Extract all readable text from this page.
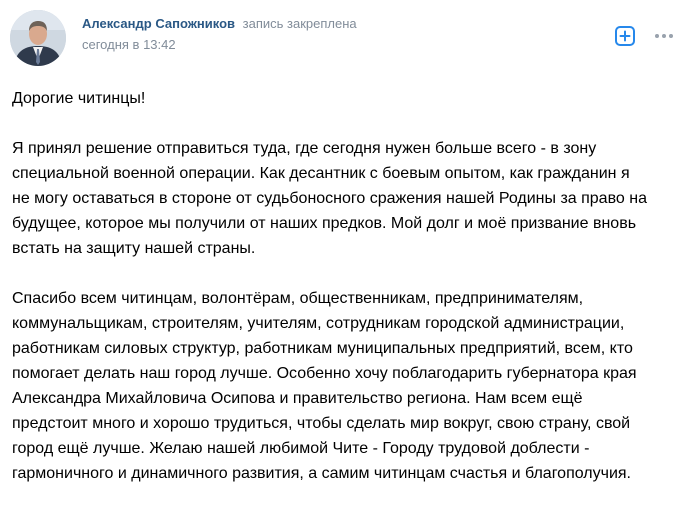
Александр Сапожников запись закреплена
сегодня в 13:42

Дорогие читинцы!

Я принял решение отправиться туда, где сегодня нужен больше всего - в зону
специальной военной операции. Как десантник с боевым опытом, как гражданин я
не могу оставаться в стороне от судьбоносного сражения нашей Родины за право на
будущее, которое мы получили от наших предков. Мой долг и моё призвание вновь
встать на защиту нашей страны.

Спасибо всем читинцам, волонтёрам, общественникам, предпринимателям,
коммунальщикам, строителям, учителям, сотрудникам городской администрации,
работникам силовых структур, работникам муниципальных предприятий, всем, кто
помогает делать наш город лучше. Особенно хочу поблагодарить губернатора края
Александра Михайловича Осипова и правительство региона. Нам всем ещё
предстоит много и хорошо трудиться, чтобы сделать мир вокруг, свою страну, свой
город ещё лучше. Желаю нашей любимой Чите - Городу трудовой доблести -
гармоничного и динамичного развития, а самим читинцам счастья и благополучия.
